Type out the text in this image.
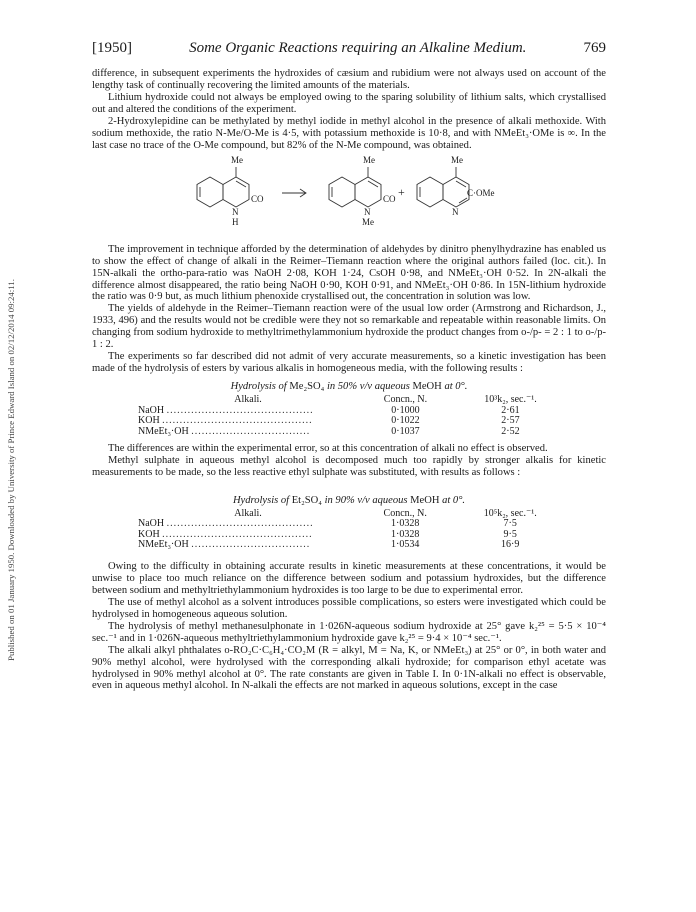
Published on 01 January 1950. Downloaded by University of Prince Edward Island on 02/12/2014 09:24:11.
[1950]	Some Organic Reactions requiring an Alkaline Medium.	769

difference, in subsequent experiments the hydroxides of cæsium and rubidium were not always used on account of the lengthy task of continually recovering the limited amounts of the materials.

Lithium hydroxide could not always be employed owing to the sparing solubility of lithium salts, which crystallised out and altered the conditions of the experiment.

2-Hydroxylepidine can be methylated by methyl iodide in methyl alcohol in the presence of alkali methoxide. With sodium methoxide, the ratio N-Me/O-Me is 4·5, with potassium methoxide is 10·8, and with NMeEt₃·OMe is ∞. In the last case no trace of the O-Me compound, but 82% of the N-Me compound, was obtained.

Me
CO
N
H
Me
CO
N
Me
+
Me
C·OMe
N

The improvement in technique afforded by the determination of aldehydes by dinitro phenylhydrazine has enabled us to show the effect of change of alkali in the Reimer–Tiemann reaction where the original authors failed (loc. cit.). In 15N-alkali the ortho-para-ratio was NaOH 2·08, KOH 1·24, CsOH 0·98, and NMeEt₃·OH 0·52. In 2N-alkali the difference almost disappeared, the ratio being NaOH 0·90, KOH 0·91, and NMeEt₃·OH 0·86. In 15N-lithium hydroxide the ratio was 0·9 but, as much lithium phenoxide crystallised out, the concentration in solution was low.

The yields of aldehyde in the Reimer–Tiemann reaction were of the usual low order (Armstrong and Richardson, J., 1933, 496) and the results would not be credible were they not so remarkable and repeatable within reasonable limits. On changing from sodium hydroxide to methyltrimethylammonium hydroxide the product changes from o-/p- = 2 : 1 to o-/p- 1 : 2.

The experiments so far described did not admit of very accurate measurements, so a kinetic investigation has been made of the hydrolysis of esters by various alkalis in homogeneous media, with the following results :

Hydrolysis of Me₂SO₄ in 50% v/v aqueous MeOH at 0°.
Alkali.	Concn., N.	10³k₂, sec.⁻¹.
NaOH ..........................................	0·1000	2·61
KOH ...........................................	0·1022	2·57
NMeEt₃·OH ..................................	0·1037	2·52

The differences are within the experimental error, so at this concentration of alkali no effect is observed.

Methyl sulphate in aqueous methyl alcohol is decomposed much too rapidly by stronger alkalis for kinetic measurements to be made, so the less reactive ethyl sulphate was substituted, with results as follows :

Hydrolysis of Et₂SO₄ in 90% v/v aqueous MeOH at 0°.
Alkali.	Concn., N.	10⁵k₂, sec.⁻¹.
NaOH ..........................................	1·0328	7·5
KOH ...........................................	1·0328	9·5
NMeEt₃·OH ..................................	1·0534	16·9

Owing to the difficulty in obtaining accurate results in kinetic measurements at these concentrations, it would be unwise to place too much reliance on the difference between sodium and potassium hydroxides, but the difference between sodium and methyltriethylammonium hydroxides is too large to be due to experimental error.

The use of methyl alcohol as a solvent introduces possible complications, so esters were investigated which could be hydrolysed in homogeneous aqueous solution.

The hydrolysis of methyl methanesulphonate in 1·026N-aqueous sodium hydroxide at 25° gave k₂²⁵ = 5·5 × 10⁻⁴ sec.⁻¹ and in 1·026N-aqueous methyltriethylammonium hydroxide gave k₂²⁵ = 9·4 × 10⁻⁴ sec.⁻¹.

The alkali alkyl phthalates o-RO₂C·C₆H₄·CO₂M (R = alkyl, M = Na, K, or NMeEt₃) at 25° or 0°, in both water and 90% methyl alcohol, were hydrolysed with the corresponding alkali hydroxide; for comparison ethyl acetate was hydrolysed in 90% methyl alcohol at 0°. The rate constants are given in Table I. In 0·1N-alkali no effect is observable, even in aqueous methyl alcohol. In N-alkali the effects are not marked in aqueous solutions, except in the case
